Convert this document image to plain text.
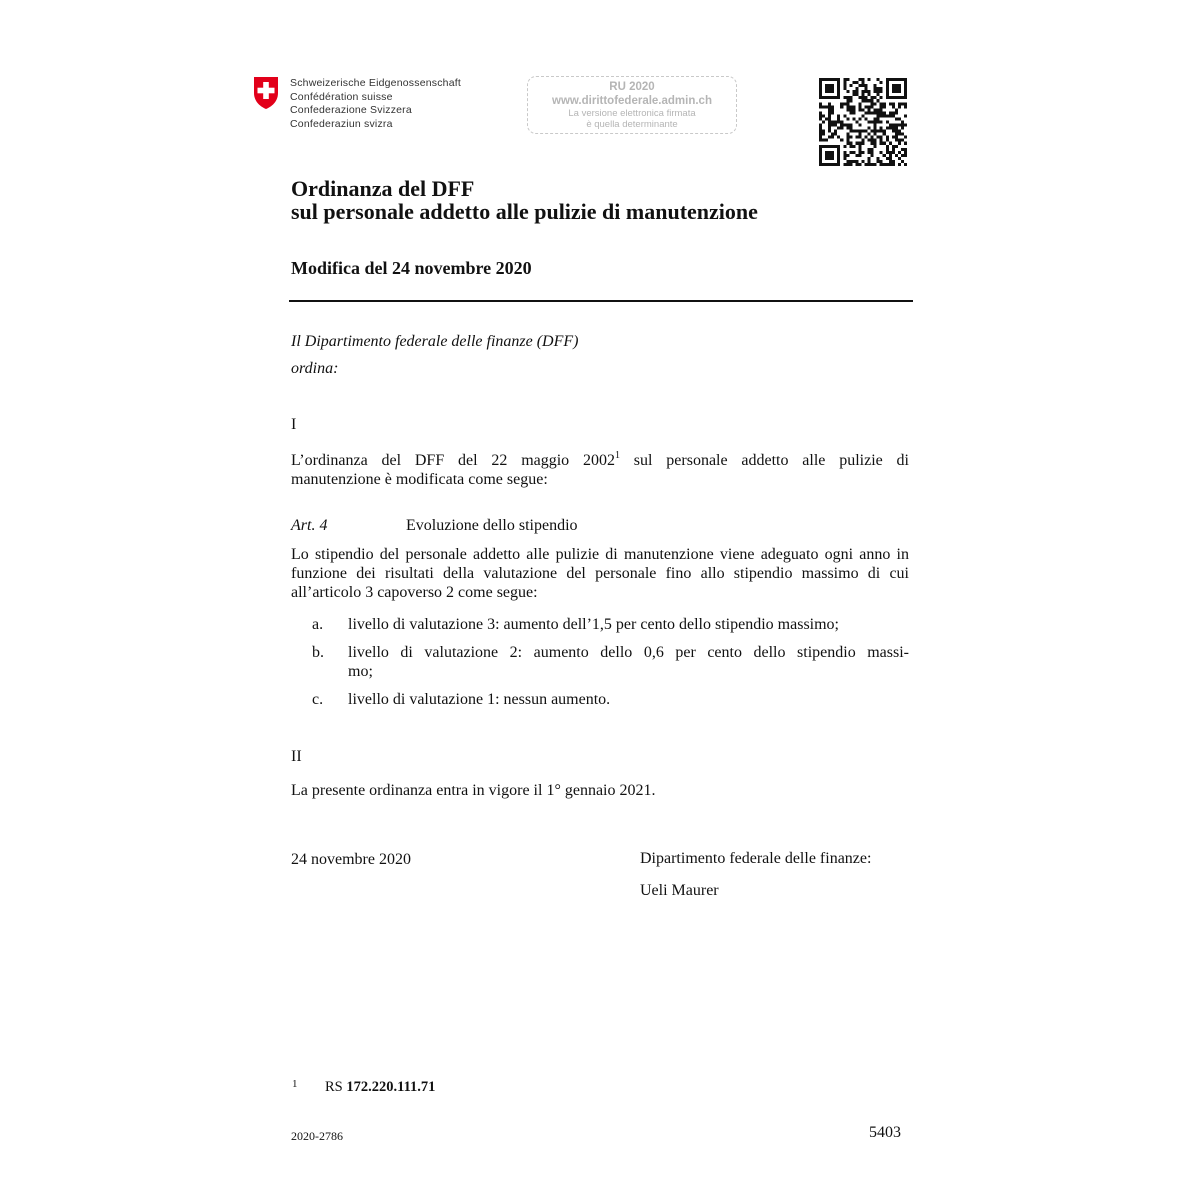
Schweizerische Eidgenossenschaft
Confédération suisse
Confederazione Svizzera
Confederaziun svizra
RU 2020
www.dirittofederale.admin.ch
La versione elettronica firmata
è quella determinante
Ordinanza del DFF
sul personale addetto alle pulizie di manutenzione
Modifica del 24 novembre 2020
Il Dipartimento federale delle finanze (DFF)
ordina:
I
L’ordinanza del DFF del 22 maggio 2002$^1$ sul personale addetto alle pulizie di
manutenzione è modificata come segue:
Art. 4	Evoluzione dello stipendio
Lo stipendio del personale addetto alle pulizie di manutenzione viene adeguato ogni anno in funzione dei risultati della valutazione del personale fino allo stipendio massimo di cui all’articolo 3 capoverso 2 come segue:
a. livello di valutazione 3: aumento dell’1,5 per cento dello stipendio massimo;
b. livello di valutazione 2: aumento dello 0,6 per cento dello stipendio massi-
mo;
c. livello di valutazione 1: nessun aumento.
II
La presente ordinanza entra in vigore il 1° gennaio 2021.
24 novembre 2020	Dipartimento federale delle finanze:
Ueli Maurer
1 RS 172.220.111.71
2020-2786	5403
